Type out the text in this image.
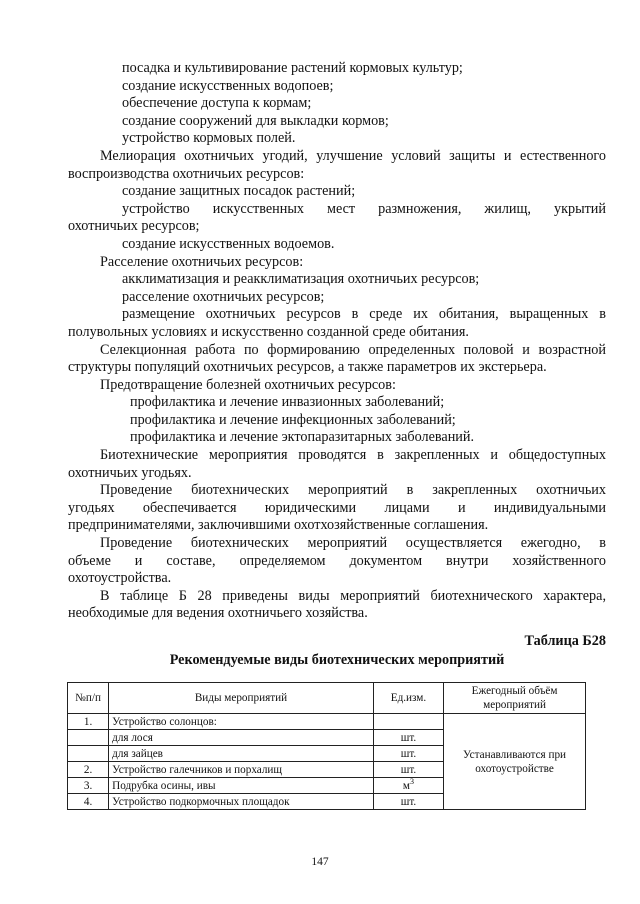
посадка и культивирование растений кормовых культур;
создание искусственных водопоев;
обеспечение доступа к кормам;
создание сооружений для выкладки кормов;
устройство кормовых полей.
Мелиорация охотничьих угодий, улучшение условий защиты и естественного
воспроизводства охотничьих ресурсов:
создание защитных посадок растений;
устройство искусственных мест размножения, жилищ, укрытий
охотничьих ресурсов;
создание искусственных водоемов.
Расселение охотничьих ресурсов:
акклиматизация и реакклиматизация охотничьих ресурсов;
расселение охотничьих ресурсов;
размещение охотничьих ресурсов в среде их обитания, выращенных в
полувольных условиях и искусственно созданной среде обитания.
Селекционная работа по формированию определенных половой и возрастной
структуры популяций охотничьих ресурсов, а также параметров их экстерьера.
Предотвращение болезней охотничьих ресурсов:
профилактика и лечение инвазионных заболеваний;
профилактика и лечение инфекционных заболеваний;
профилактика и лечение эктопаразитарных заболеваний.
Биотехнические мероприятия проводятся в закрепленных и общедоступных
охотничьих угодьях.
Проведение биотехнических мероприятий в закрепленных охотничьих
угодьях обеспечивается юридическими лицами и индивидуальными
предпринимателями, заключившими охотхозяйственные соглашения.
Проведение биотехнических мероприятий осуществляется ежегодно, в
объеме и составе, определяемом документом внутри хозяйственного
охотоустройства.
В таблице Б 28 приведены виды мероприятий биотехнического характера,
необходимые для ведения охотничьего хозяйства.
Таблица Б28
Рекомендуемые виды биотехнических мероприятий
№п/п	Виды мероприятий	Ед.изм.	Ежегодный объём мероприятий
1.	Устройство солонцов:		Устанавливаются при охотоустройстве
	для лося	шт.	
	для зайцев	шт.	
2.	Устройство галечников и порхалищ	шт.	
3.	Подрубка осины, ивы	$м^3$
4.	Устройство подкормочных площадок	шт.	
147
